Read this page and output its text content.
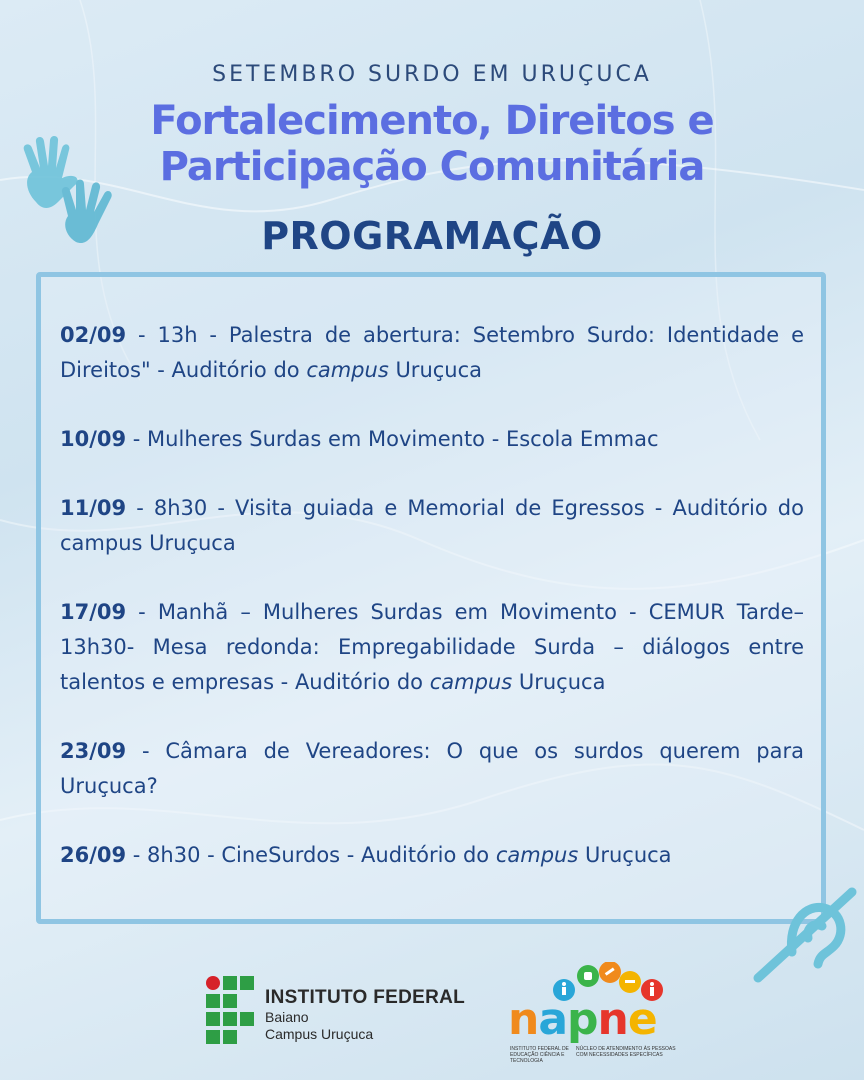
SETEMBRO SURDO EM URUÇUCA
Fortalecimento, Direitos e
Participação Comunitária
PROGRAMAÇÃO
02/09 - 13h - Palestra de abertura: Setembro Surdo: Identidade e Direitos" - Auditório do campus Uruçuca
10/09 - Mulheres Surdas em Movimento - Escola Emmac
11/09 - 8h30 - Visita guiada e Memorial de Egressos - Auditório do campus Uruçuca
17/09 - Manhã – Mulheres Surdas em Movimento - CEMUR Tarde– 13h30- Mesa redonda: Empregabilidade Surda – diálogos entre talentos e empresas - Auditório do campus Uruçuca
23/09 - Câmara de Vereadores: O que os surdos querem para Uruçuca?
26/09 - 8h30 - CineSurdos - Auditório do campus Uruçuca
INSTITUTO FEDERAL
Baiano
Campus Uruçuca	napne
INSTITUTO FEDERAL DE EDUCAÇÃO CIÊNCIA E TECNOLOGIA
NÚCLEO DE ATENDIMENTO ÀS PESSOAS COM NECESSIDADES ESPECÍFICAS
